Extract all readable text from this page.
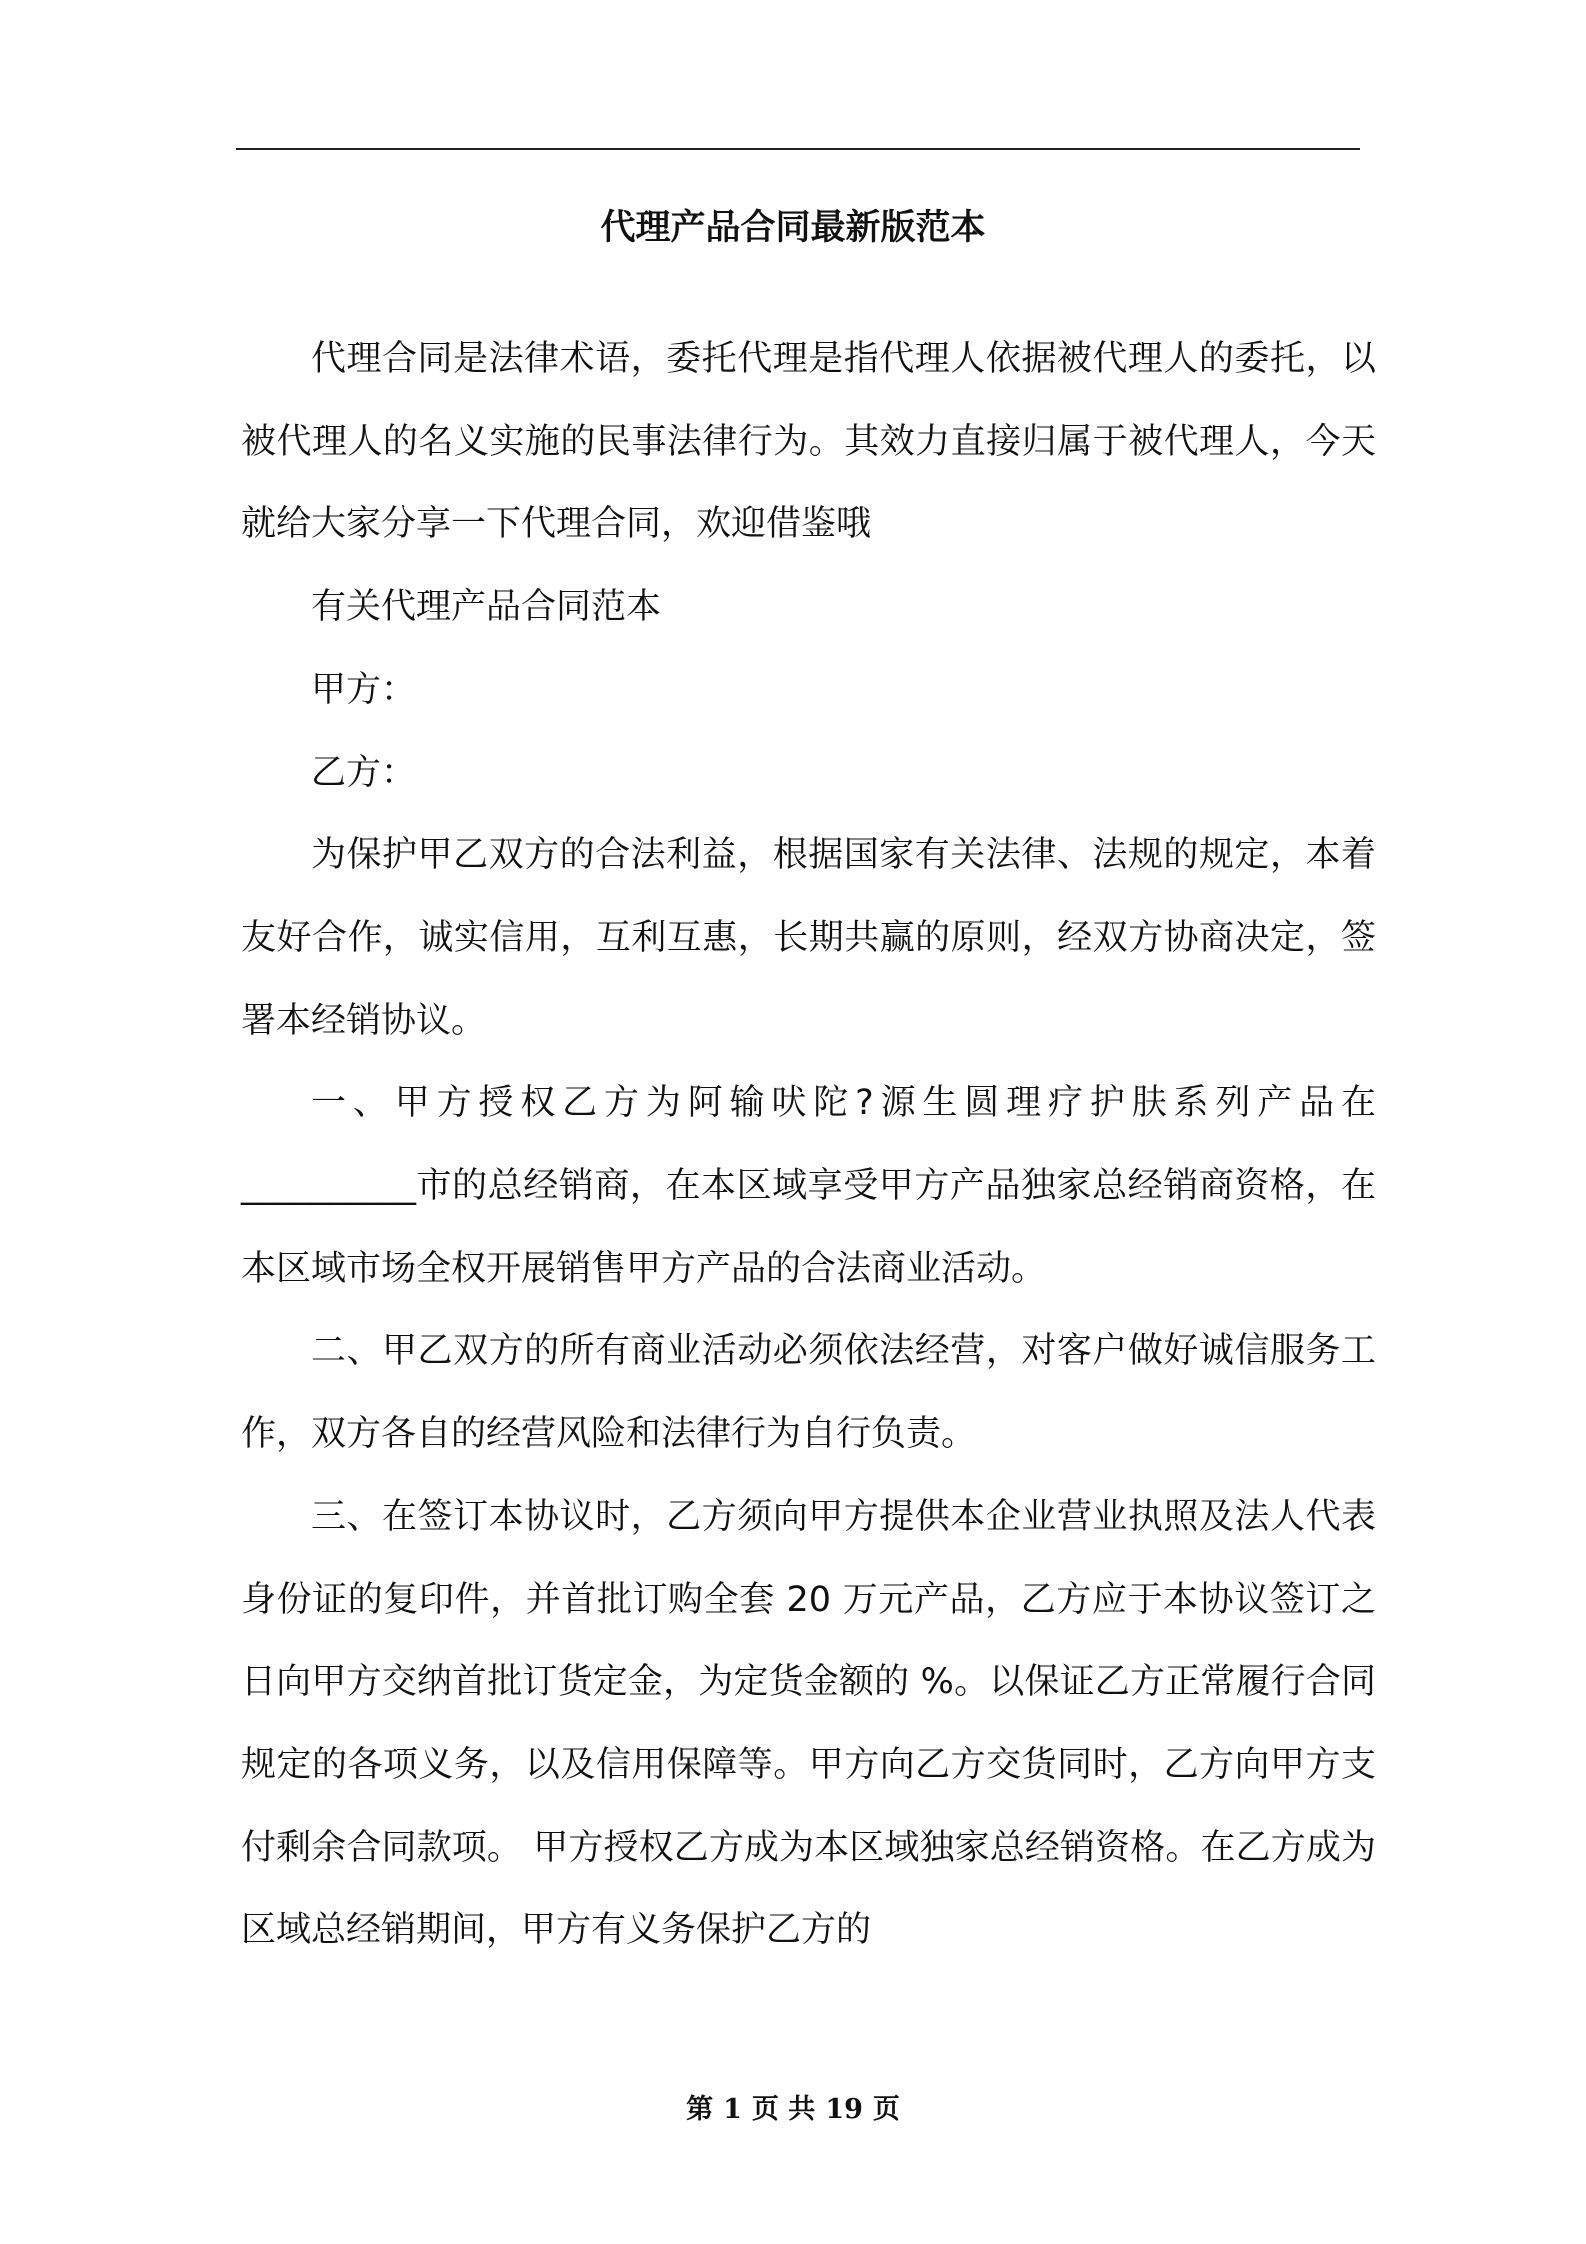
代理产品合同最新版范本

代理合同是法律术语，委托代理是指代理人依据被代理人的委托，以被代理人的名义实施的民事法律行为。其效力直接归属于被代理人，今天就给大家分享一下代理合同，欢迎借鉴哦

有关代理产品合同范本

甲方：

乙方：

为保护甲乙双方的合法利益，根据国家有关法律、法规的规定，本着友好合作，诚实信用，互利互惠，长期共赢的原则，经双方协商决定，签署本经销协议。

一、甲方授权乙方为阿输吠陀?源生圆理疗护肤系列产品在__________市的总经销商，在本区域享受甲方产品独家总经销商资格，在本区域市场全权开展销售甲方产品的合法商业活动。

二、甲乙双方的所有商业活动必须依法经营，对客户做好诚信服务工作，双方各自的经营风险和法律行为自行负责。

三、在签订本协议时，乙方须向甲方提供本企业营业执照及法人代表身份证的复印件，并首批订购全套 20 万元产品，乙方应于本协议签订之日向甲方交纳首批订货定金，为定货金额的 %。以保证乙方正常履行合同规定的各项义务，以及信用保障等。甲方向乙方交货同时，乙方向甲方支付剩余合同款项。 甲方授权乙方成为本区域独家总经销资格。在乙方成为区域总经销期间，甲方有义务保护乙方的

第 1 页 共 19 页
